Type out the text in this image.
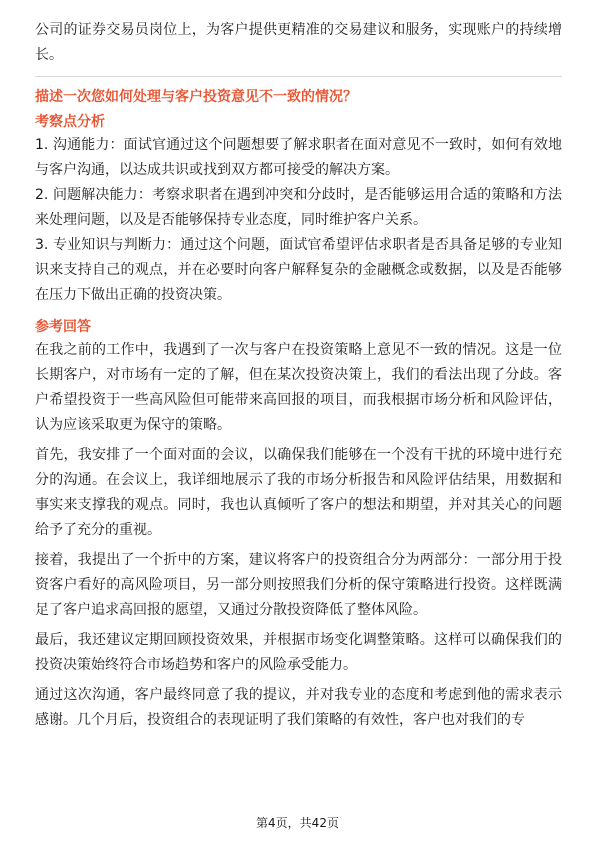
公司的证券交易员岗位上，为客户提供更精准的交易建议和服务，实现账户的持续增长。

描述一次您如何处理与客户投资意见不一致的情况？
考察点分析

1. 沟通能力：面试官通过这个问题想要了解求职者在面对意见不一致时，如何有效地与客户沟通，以达成共识或找到双方都可接受的解决方案。

2. 问题解决能力：考察求职者在遇到冲突和分歧时，是否能够运用合适的策略和方法来处理问题，以及是否能够保持专业态度，同时维护客户关系。

3. 专业知识与判断力：通过这个问题，面试官希望评估求职者是否具备足够的专业知识来支持自己的观点，并在必要时向客户解释复杂的金融概念或数据，以及是否能够在压力下做出正确的投资决策。

参考回答

在我之前的工作中，我遇到了一次与客户在投资策略上意见不一致的情况。这是一位长期客户，对市场有一定的了解，但在某次投资决策上，我们的看法出现了分歧。客户希望投资于一些高风险但可能带来高回报的项目，而我根据市场分析和风险评估，认为应该采取更为保守的策略。

首先，我安排了一个面对面的会议，以确保我们能够在一个没有干扰的环境中进行充分的沟通。在会议上，我详细地展示了我的市场分析报告和风险评估结果，用数据和事实来支撑我的观点。同时，我也认真倾听了客户的想法和期望，并对其关心的问题给予了充分的重视。

接着，我提出了一个折中的方案，建议将客户的投资组合分为两部分：一部分用于投资客户看好的高风险项目，另一部分则按照我们分析的保守策略进行投资。这样既满足了客户追求高回报的愿望，又通过分散投资降低了整体风险。

最后，我还建议定期回顾投资效果，并根据市场变化调整策略。这样可以确保我们的投资决策始终符合市场趋势和客户的风险承受能力。

通过这次沟通，客户最终同意了我的提议，并对我专业的态度和考虑到他的需求表示感谢。几个月后，投资组合的表现证明了我们策略的有效性，客户也对我们的专

第4页，共42页
